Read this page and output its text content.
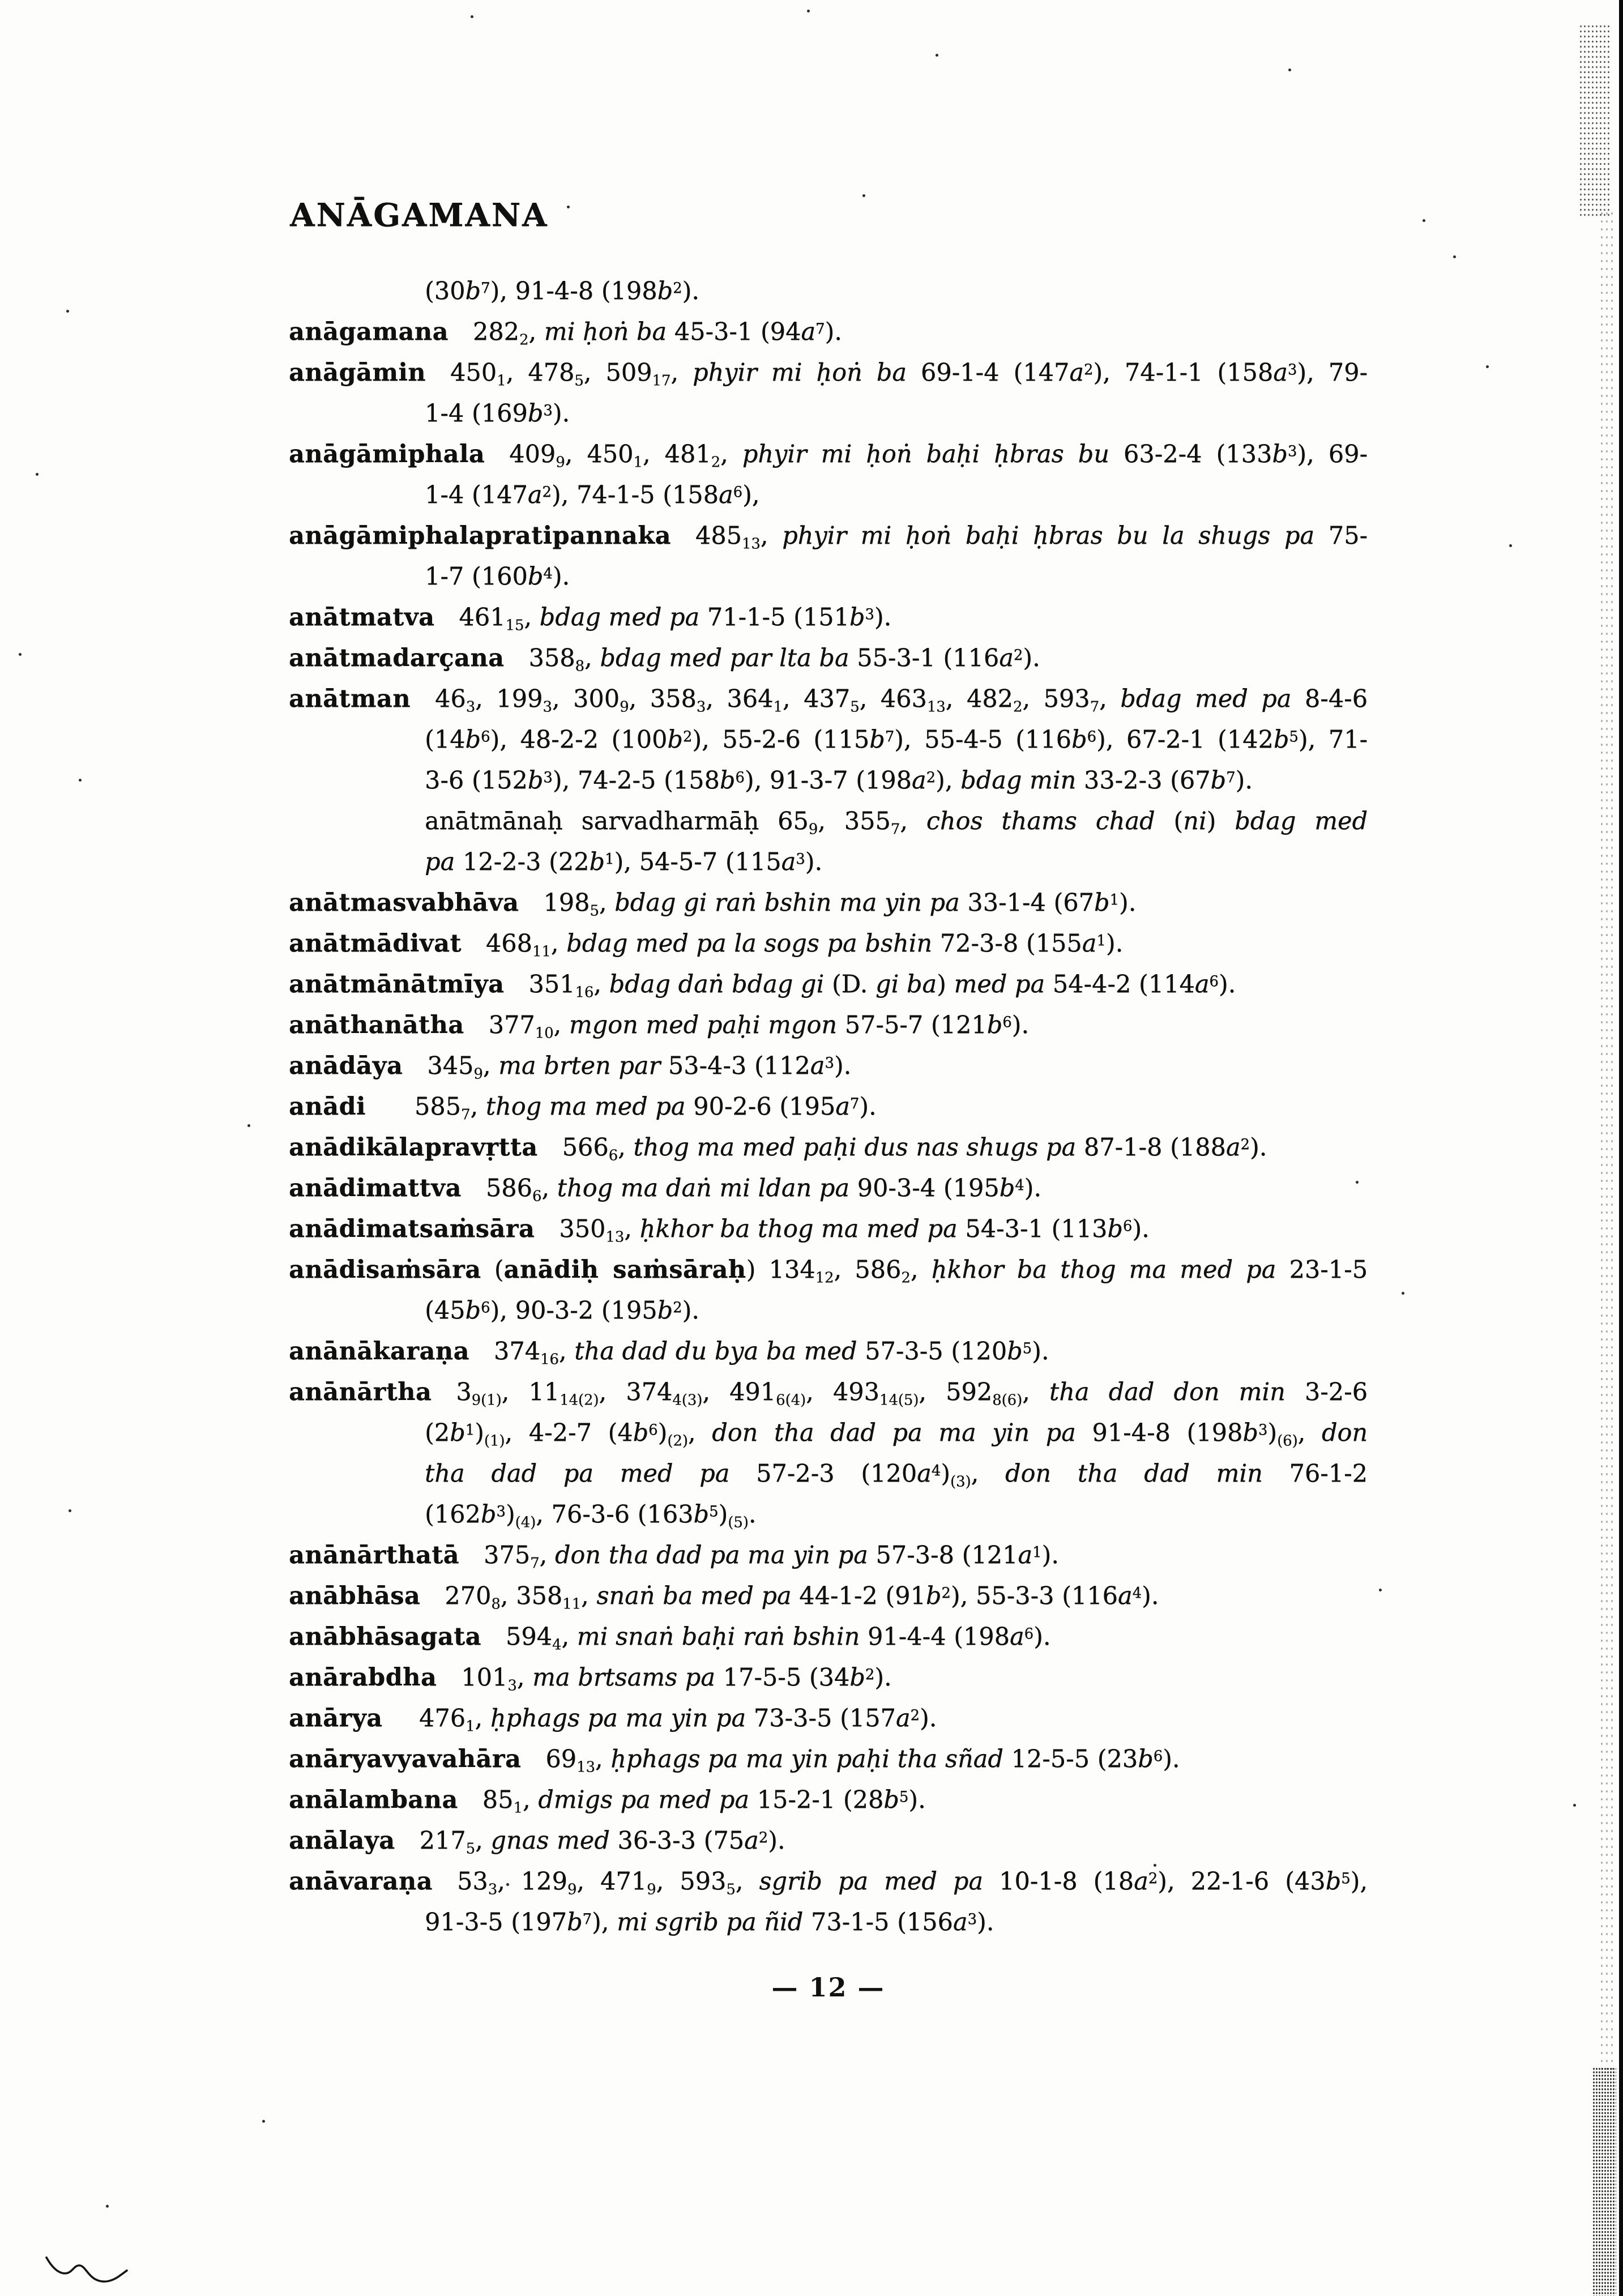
ANĀGAMANA
$(30b^7)$, 91-4-8 $(198b^2)$.
anāgamana  $282_2$, mi ḥoṅ ba 45-3-1 $(94a^7)$.
anāgāmin  $450_1$, $478_5$, $509_{17}$, phyir mi ḥoṅ ba 69-1-4 $(147a^2)$, 74-1-1 $(158a^3)$, 79-
1-4 $(169b^3)$.
anāgāmiphala  $409_9$, $450_1$, $481_2$, phyir mi ḥoṅ baḥi ḥbras bu 63-2-4 $(133b^3)$, 69-
1-4 $(147a^2)$, 74-1-5 $(158a^6)$,
anāgāmiphalapratipannaka  $485_{13}$, phyir mi ḥoṅ baḥi ḥbras bu la shugs pa 75-
1-7 $(160b^4)$.
anātmatva  $461_{15}$, bdag med pa 71-1-5 $(151b^3)$.
anātmadarçana  $358_8$, bdag med par lta ba 55-3-1 $(116a^2)$.
anātman  $46_3$, $199_3$, $300_9$, $358_3$, $364_1$, $437_5$, $463_{13}$, $482_2$, $593_7$, bdag med pa 8-4-6
$(14b^6)$, 48-2-2 $(100b^2)$, 55-2-6 $(115b^7)$, 55-4-5 $(116b^6)$, 67-2-1 $(142b^5)$, 71-
3-6 $(152b^3)$, 74-2-5 $(158b^6)$, 91-3-7 $(198a^2)$, bdag min 33-2-3 $(67b^7)$.
anātmānaḥ sarvadharmāḥ $65_9$, $355_7$, chos thams chad (ni) bdag med
pa 12-2-3 $(22b^1)$, 54-5-7 $(115a^3)$.
anātmasvabhāva  $198_5$, bdag gi raṅ bshin ma yin pa 33-1-4 $(67b^1)$.
anātmādivat  $468_{11}$, bdag med pa la sogs pa bshin 72-3-8 $(155a^1)$.
anātmānātmīya  $351_{16}$, bdag daṅ bdag gi (D. gi ba) med pa 54-4-2 $(114a^6)$.
anāthanātha  $377_{10}$, mgon med paḥi mgon 57-5-7 $(121b^6)$.
anādāya  $345_9$, ma brten par 53-4-3 $(112a^3)$.
anādi   $585_7$, thog ma med pa 90-2-6 $(195a^7)$.
anādikālapravṛtta  $566_6$, thog ma med paḥi dus nas shugs pa 87-1-8 $(188a^2)$.
anādimattva  $586_6$, thog ma daṅ mi ldan pa 90-3-4 $(195b^4)$.
anādimatsaṁsāra  $350_{13}$, ḥkhor ba thog ma med pa 54-3-1 $(113b^6)$.
anādisaṁsāra (anādiḥ saṁsāraḥ) $134_{12}$, $586_2$, ḥkhor ba thog ma med pa 23-1-5
$(45b^6)$, 90-3-2 $(195b^2)$.
anānākaraṇa  $374_{16}$, tha dad du bya ba med 57-3-5 $(120b^5)$.
anānārtha  $3_{9(1)}$, $11_{14(2)}$, $374_{4(3)}$, $491_{6(4)}$, $493_{14(5)}$, $592_{8(6)}$, tha dad don min 3-2-6
$(2b^1)_{(1)}$, 4-2-7 $(4b^6)_{(2)}$, don tha dad pa ma yin pa 91-4-8 $(198b^3)_{(6)}$, don
tha dad pa med pa 57-2-3 $(120a^4)_{(3)}$, don tha dad min 76-1-2
$(162b^3)_{(4)}$, 76-3-6 $(163b^5)_{(5)}$.
anānārthatā  $375_7$, don tha dad pa ma yin pa 57-3-8 $(121a^1)$.
anābhāsa  $270_8$, $358_{11}$, snaṅ ba med pa 44-1-2 $(91b^2)$, 55-3-3 $(116a^4)$.
anābhāsagata  $594_4$, mi snaṅ baḥi raṅ bshin 91-4-4 $(198a^6)$.
anārabdha  $101_3$, ma brtsams pa 17-5-5 $(34b^2)$.
anārya  $476_1$, ḥphags pa ma yin pa 73-3-5 $(157a^2)$.
anāryavyavahāra  $69_{13}$, ḥphags pa ma yin paḥi tha sñad 12-5-5 $(23b^6)$.
anālambana  $85_1$, dmigs pa med pa 15-2-1 $(28b^5)$.
anālaya  $217_5$, gnas med 36-3-3 $(75a^2)$.
anāvaraṇa  $53_3$, $129_9$, $471_9$, $593_5$, sgrib pa med pa 10-1-8 $(18a^2)$, 22-1-6 $(43b^5)$,
91-3-5 $(197b^7)$, mi sgrib pa ñid 73-1-5 $(156a^3)$.
— 12 —
